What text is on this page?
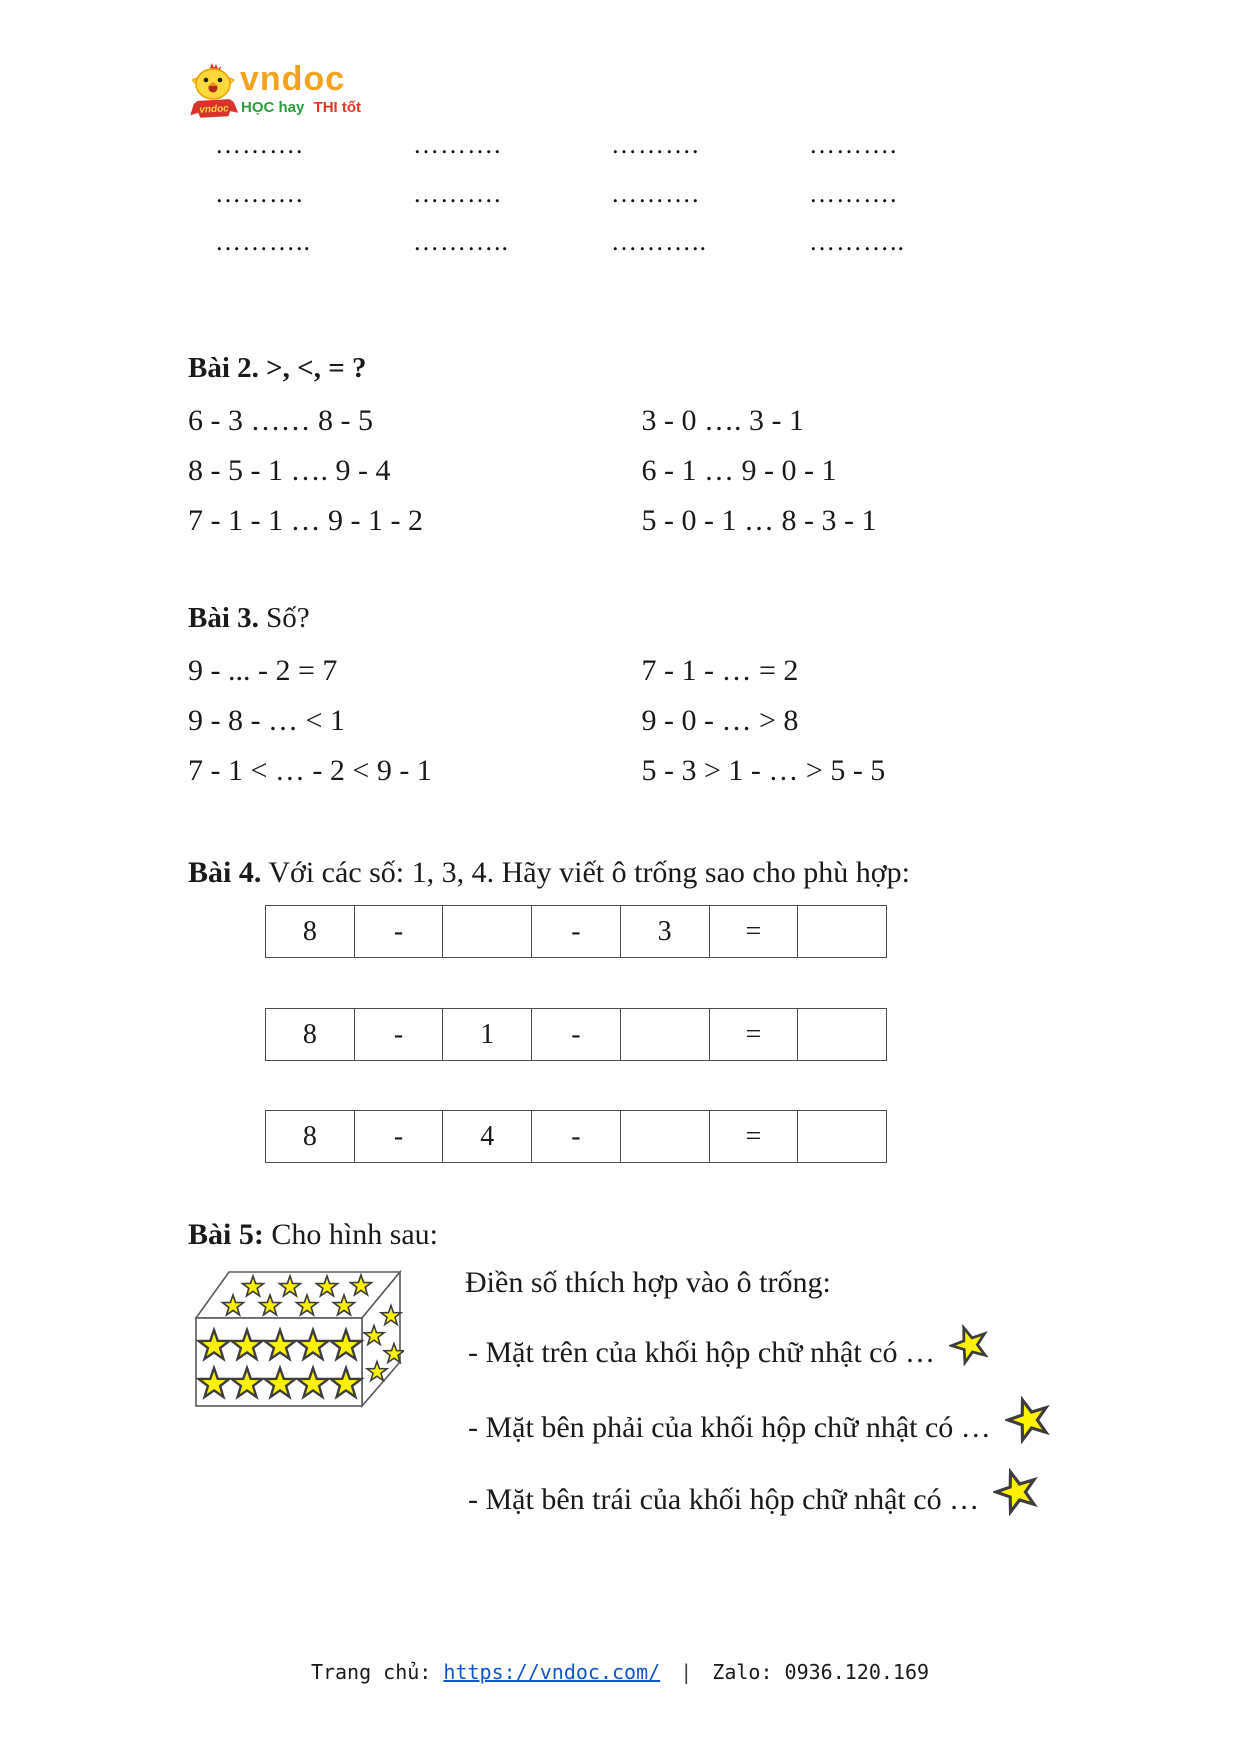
vndoc
vndoc
HỌC hay THI tốt
……….	……….	……….	……….
……….	……….	……….	……….
………..	………..	………..	………..
Bài 2. >, <, = ?
6 - 3 …… 8 - 5	3 - 0 …. 3 - 1
8 - 5 - 1 …. 9 - 4	6 - 1 … 9 - 0 - 1
7 - 1 - 1 … 9 - 1 - 2	5 - 0 - 1 … 8 - 3 - 1
Bài 3. Số?
9 - ... - 2 = 7	7 - 1 - … = 2
9 - 8 - … < 1	9 - 0 - … > 8
7 - 1 < … - 2 < 9 - 1	5 - 3 > 1 - … > 5 - 5
Bài 4. Với các số: 1, 3, 4. Hãy viết ô trống sao cho phù hợp:
8	-		-	3	=	
8	-	1	-		=	
8	-	4	-		=	
Bài 5: Cho hình sau:
Điền số thích hợp vào ô trống:
- Mặt trên của khối hộp chữ nhật có …
- Mặt bên phải của khối hộp chữ nhật có …
- Mặt bên trái của khối hộp chữ nhật có …
Trang chủ: https://vndoc.com/ | Zalo: 0936.120.169
